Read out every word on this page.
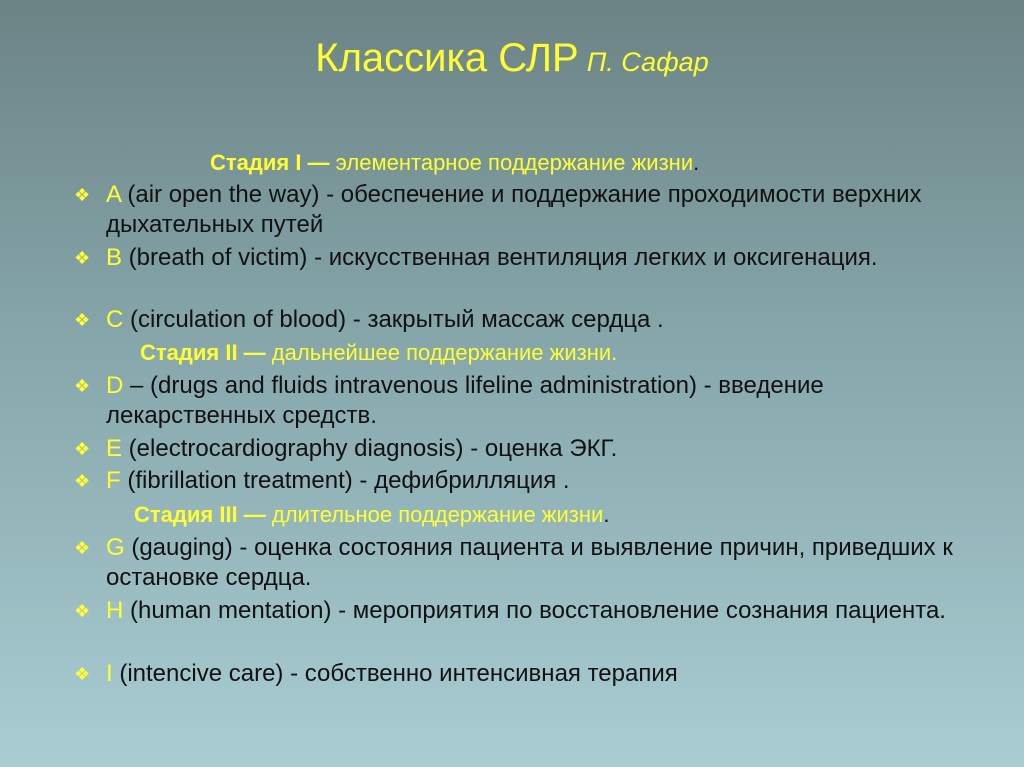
Классика СЛР П. Сафар
Стадия I — элементарное поддержание жизни.
❖ A (air open the way) - обеспечение и поддержание проходимости верхних дыхательных путей
❖ B (breath of victim) - искусственная вентиляция легких и оксигенация.
❖ C (circulation of blood) - закрытый массаж сердца .
Стадия II — дальнейшее поддержание жизни.
❖ D – (drugs and fluids intravenous lifeline administration) - введение лекарственных средств.
❖ E (electrocardiography diagnosis) - оценка ЭКГ.
❖ F (fibrillation treatment) - дефибрилляция .
Стадия III — длительное поддержание жизни.
❖ G (gauging) - оценка состояния пациента и выявление причин, приведших к остановке сердца.
❖ H (human mentation) - мероприятия по восстановление сознания пациента.
❖ I (intencive care) - собственно интенсивная терапия
